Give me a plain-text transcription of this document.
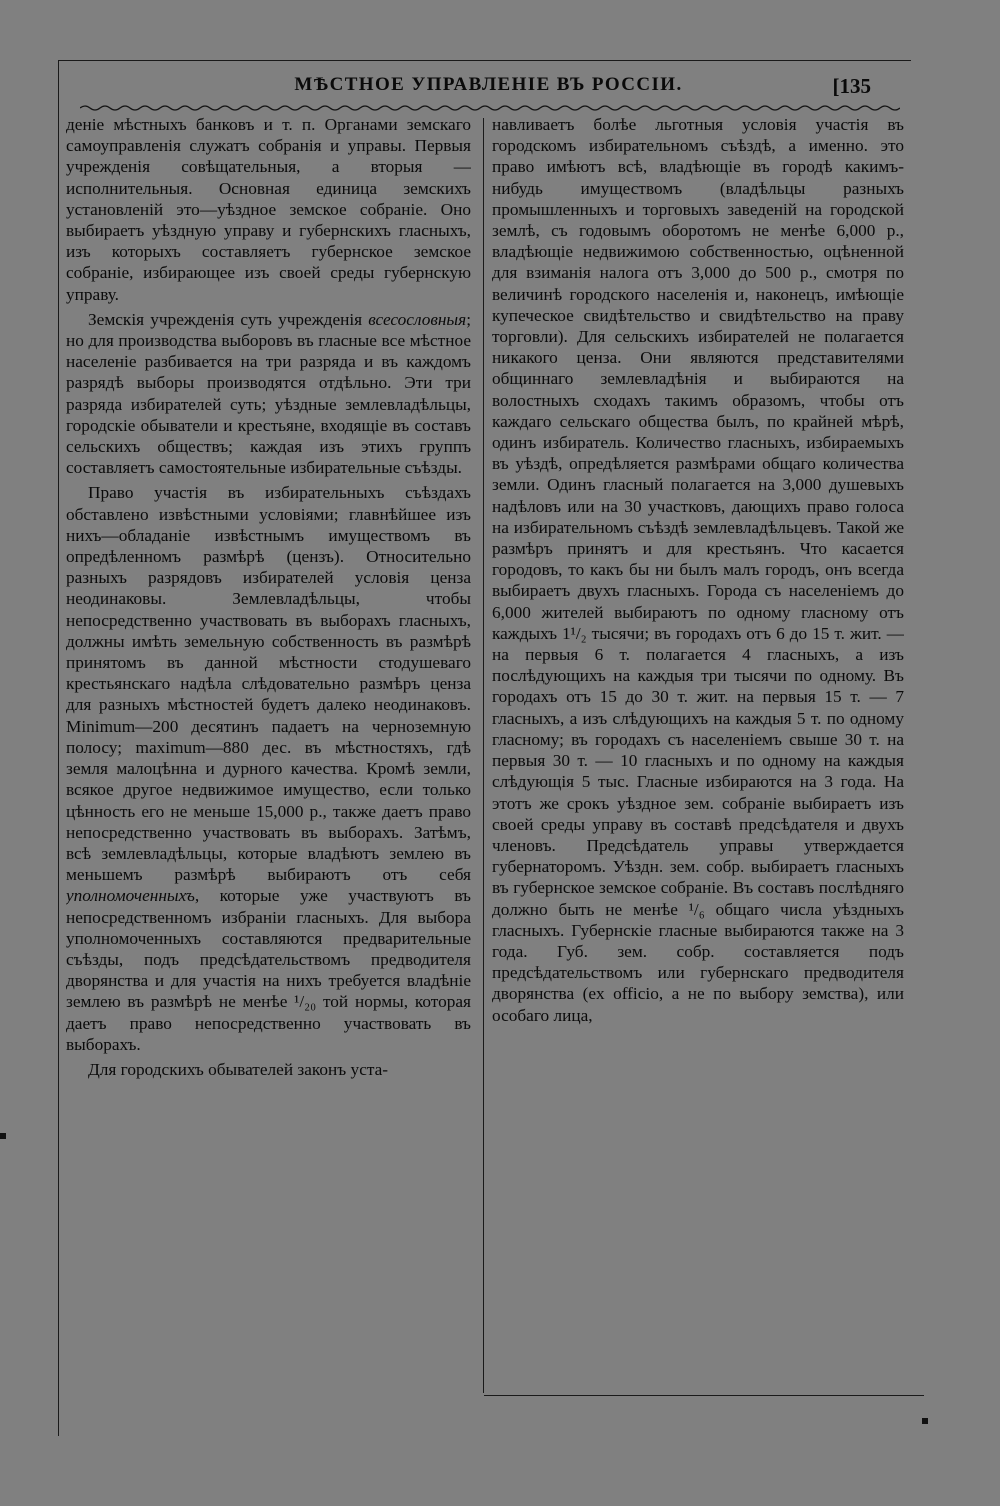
МѢСТНОЕ УПРАВЛЕНІЕ ВЪ РОССІИ.	[135

деніе мѣстныхъ банковъ и т. п. Органами земскаго самоуправленія служатъ собранія и управы. Первыя учрежденія совѣщательныя, а вторыя — исполнительныя. Основная единица земскихъ установленій это—уѣздное земское собраніе. Оно выбираетъ уѣздную управу и губернскихъ гласныхъ, изъ которыхъ составляетъ губернское земское собраніе, избирающее изъ своей среды губернскую управу.

Земскія учрежденія суть учрежденія всесословныя; но для производства выборовъ въ гласные все мѣстное населеніе разбивается на три разряда и въ каждомъ разрядѣ выборы производятся отдѣльно. Эти три разряда избирателей суть; уѣздные землевладѣльцы, городскіе обыватели и крестьяне, входящіе въ составъ сельскихъ обществъ; каждая изъ этихъ группъ составляетъ самостоятельные избирательные съѣзды.

Право участія въ избирательныхъ съѣздахъ обставлено извѣстными условіями; главнѣйшее изъ нихъ—обладаніе извѣстнымъ имуществомъ въ опредѣленномъ размѣрѣ (цензъ). Относительно разныхъ разрядовъ избирателей условія ценза неодинаковы. Землевладѣльцы, чтобы непосредственно участвовать въ выборахъ гласныхъ, должны имѣть земельную собственность въ размѣрѣ принятомъ въ данной мѣстности стодушеваго крестьянскаго надѣла слѣдовательно размѣръ ценза для разныхъ мѣстностей будетъ далеко неодинаковъ. Minimum—200 десятинъ падаетъ на черноземную полосу; maximum—880 дес. въ мѣстностяхъ, гдѣ земля малоцѣнна и дурного качества. Кромѣ земли, всякое другое недвижимое имущество, если только цѣнность его не меньше 15,000 р., также даетъ право непосредственно участвовать въ выборахъ. Затѣмъ, всѣ землевладѣльцы, которые владѣютъ землею въ меньшемъ размѣрѣ выбираютъ отъ себя уполномоченныхъ, которые уже участвуютъ въ непосредственномъ избраніи гласныхъ. Для выбора уполномоченныхъ составляются предварительные съѣзды, подъ предсѣдательствомъ предводителя дворянства и для участія на нихъ требуется владѣніе землею въ размѣрѣ не менѣе ¹/₂₀ той нормы, которая даетъ право непосредственно участвовать въ выборахъ.

Для городскихъ обывателей законъ уста-

навливаетъ болѣе льготныя условія участія въ городскомъ избирательномъ съѣздѣ, а именно. это право имѣютъ всѣ, владѣющіе въ городѣ какимъ-нибудь имуществомъ (владѣльцы разныхъ промышленныхъ и торговыхъ заведеній на городской землѣ, съ годовымъ оборотомъ не менѣе 6,000 р., владѣющіе недвижимою собственностью, оцѣненной для взиманія налога отъ 3,000 до 500 р., смотря по величинѣ городского населенія и, наконецъ, имѣющіе купеческое свидѣтельство и свидѣтельство на праву торговли). Для сельскихъ избирателей не полагается никакого ценза. Они являются представителями общиннаго землевладѣнія и выбираются на волостныхъ сходахъ такимъ образомъ, чтобы отъ каждаго сельскаго общества былъ, по крайней мѣрѣ, одинъ избиратель. Количество гласныхъ, избираемыхъ въ уѣздѣ, опредѣляется размѣрами общаго количества земли. Одинъ гласный полагается на 3,000 душевыхъ надѣловъ или на 30 участковъ, дающихъ право голоса на избирательномъ съѣздѣ землевладѣльцевъ. Такой же размѣръ принятъ и для крестьянъ. Что касается городовъ, то какъ бы ни былъ малъ городъ, онъ всегда выбираетъ двухъ гласныхъ. Города съ населеніемъ до 6,000 жителей выбираютъ по одному гласному отъ каждыхъ 1¹/₂ тысячи; въ городахъ отъ 6 до 15 т. жит. — на первыя 6 т. полагается 4 гласныхъ, а изъ послѣдующихъ на каждыя три тысячи по одному. Въ городахъ отъ 15 до 30 т. жит. на первыя 15 т. — 7 гласныхъ, а изъ слѣдующихъ на каждыя 5 т. по одному гласному; въ городахъ съ населеніемъ свыше 30 т. на первыя 30 т. — 10 гласныхъ и по одному на каждыя слѣдующія 5 тыс. Гласные избираются на 3 года. На этотъ же срокъ уѣздное зем. собраніе выбираетъ изъ своей среды управу въ составѣ предсѣдателя и двухъ членовъ. Предсѣдатель управы утверждается губернаторомъ. Уѣздн. зем. собр. выбираетъ гласныхъ въ губернское земское собраніе. Въ составъ послѣдняго должно быть не менѣе ¹/₆ общаго числа уѣздныхъ гласныхъ. Губернскіе гласные выбираются также на 3 года. Губ. зем. собр. составляется подъ предсѣдательствомъ или губернскаго предводителя дворянства (ex officio, а не по выбору земства), или особаго лица,
